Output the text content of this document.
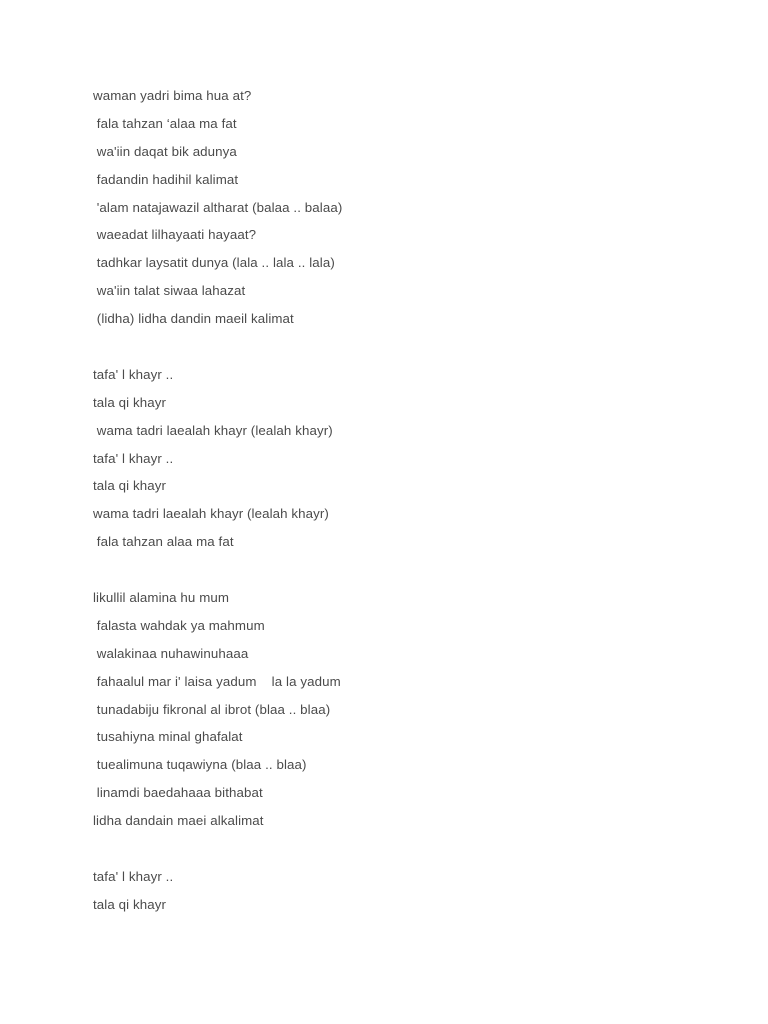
waman yadri bima hua at?
fala tahzan ‘alaa ma fat
wa'iin daqat bik adunya
fadandin hadihil kalimat
'alam natajawazil altharat (balaa .. balaa)
waeadat lilhayaati hayaat?
tadhkar laysatit dunya (lala .. lala .. lala)
wa'iin talat siwaa lahazat
(lidha) lidha dandin maeil kalimat
tafa' l khayr ..
tala qi khayr
wama tadri laealah khayr (lealah khayr)
tafa' l khayr ..
tala qi khayr
wama tadri laealah khayr (lealah khayr)
fala tahzan alaa ma fat
likullil alamina hu mum
falasta wahdak ya mahmum
walakinaa nuhawinuhaaa
fahaalul mar i' laisa yadum    la la yadum
tunadabiju fikronal al ibrot (blaa .. blaa)
tusahiyna minal ghafalat
tuealimuna tuqawiyna (blaa .. blaa)
linamdi baedahaaa bithabat
lidha dandain maei alkalimat
tafa' l khayr ..
tala qi khayr
